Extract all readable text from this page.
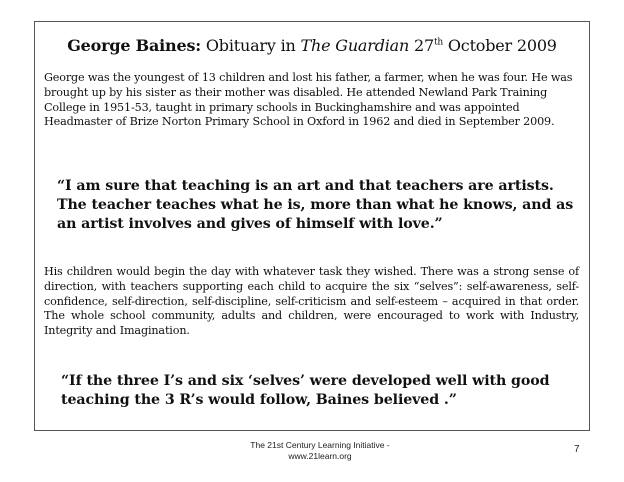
George Baines: Obituary in The Guardian 27th October 2009
George was the youngest of 13 children and lost his father, a farmer, when he was four. He was brought up by his sister as their mother was disabled. He attended Newland Park Training College in 1951-53, taught in primary schools in Buckinghamshire and was appointed Headmaster of Brize Norton Primary School in Oxford in 1962 and died in September 2009.
“I am sure that teaching is an art and that teachers are artists. The teacher teaches what he is, more than what he knows, and as an artist involves and gives of himself with love.”
His children would begin the day with whatever task they wished. There was a strong sense of direction, with teachers supporting each child to acquire the six “selves”: self-awareness, self-confidence, self-direction, self-discipline, self-criticism and self-esteem – acquired in that order. The whole school community, adults and children, were encouraged to work with Industry, Integrity and Imagination.
“If the three I’s and six ‘selves’ were developed well with good teaching the 3 R’s would follow, Baines believed .”
The 21st Century Learning Initiative -
www.21learn.org
7
